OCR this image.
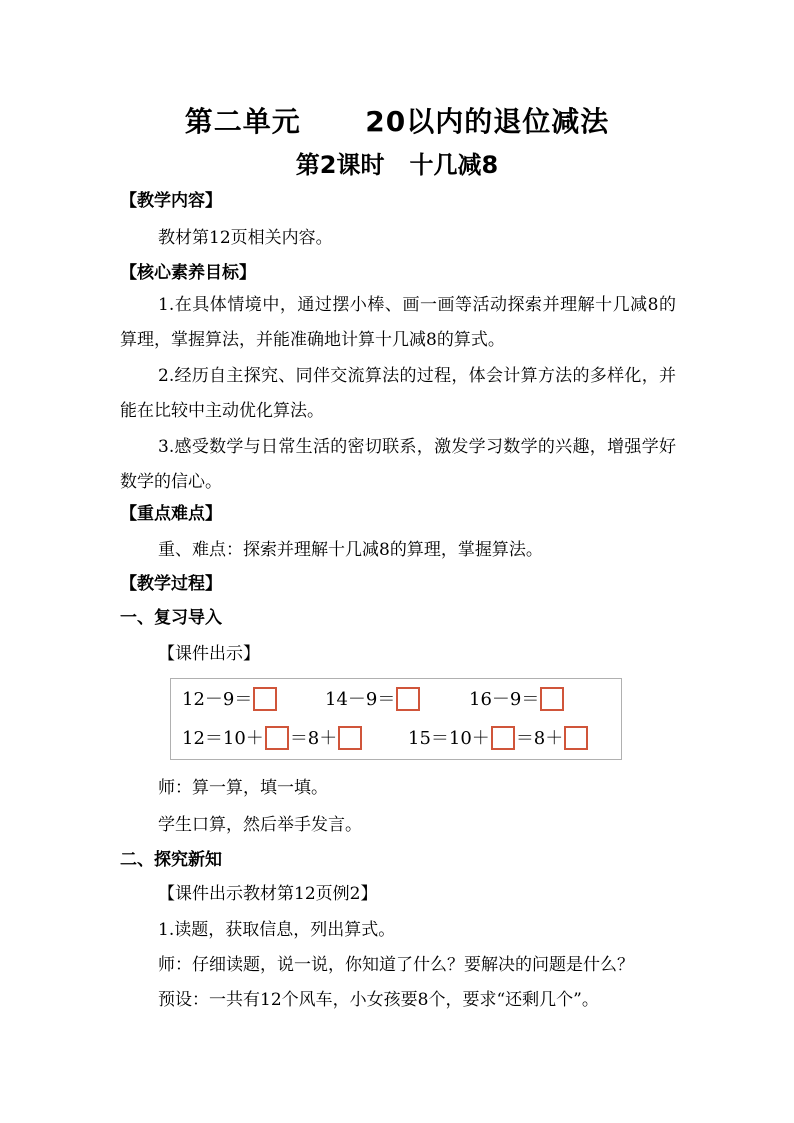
第二单元 20以内的退位减法
第2课时 十几减8
【教学内容】
教材第12页相关内容。
【核心素养目标】
1.在具体情境中，通过摆小棒、画一画等活动探索并理解十几减8的算理，掌握算法，并能准确地计算十几减8的算式。
2.经历自主探究、同伴交流算法的过程，体会计算方法的多样化，并能在比较中主动优化算法。
3.感受数学与日常生活的密切联系，激发学习数学的兴趣，增强学好数学的信心。
【重点难点】
重、难点：探索并理解十几减8的算理，掌握算法。
【教学过程】
一、复习导入
【课件出示】
12－9＝	14－9＝	16－9＝
12＝10＋ ＝8＋	15＝10＋ ＝8＋
师：算一算，填一填。
学生口算，然后举手发言。
二、探究新知
【课件出示教材第12页例2】
1.读题，获取信息，列出算式。
师：仔细读题，说一说，你知道了什么？要解决的问题是什么？
预设：一共有12个风车，小女孩要8个，要求“还剩几个”。
